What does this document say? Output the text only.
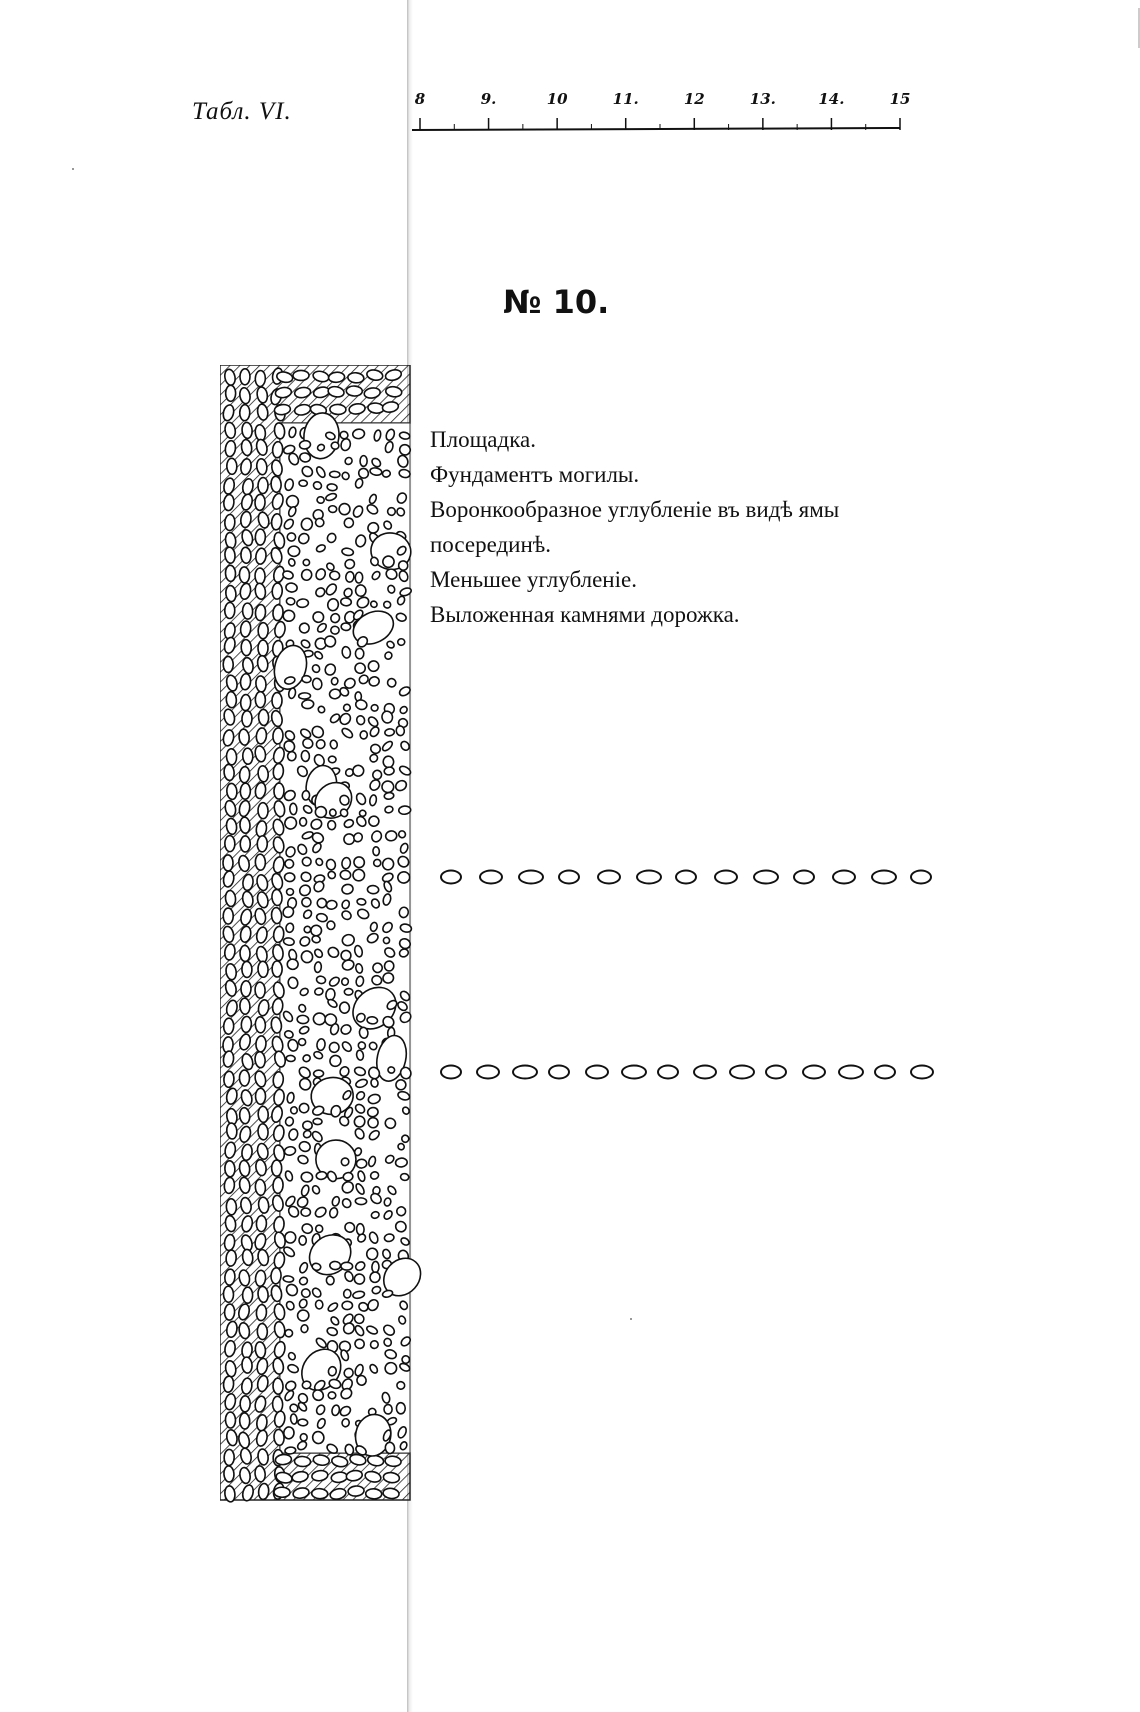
Табл. VI.	8	9.	10	11.	12	13.	14.	15
№ 10.
Площадка.
Фундаментъ могилы.
Воронкообразное углубленіе въ видѣ ямы
посерединѣ.
Меньшее углубленіе.
Выложенная камнями дорожка.
